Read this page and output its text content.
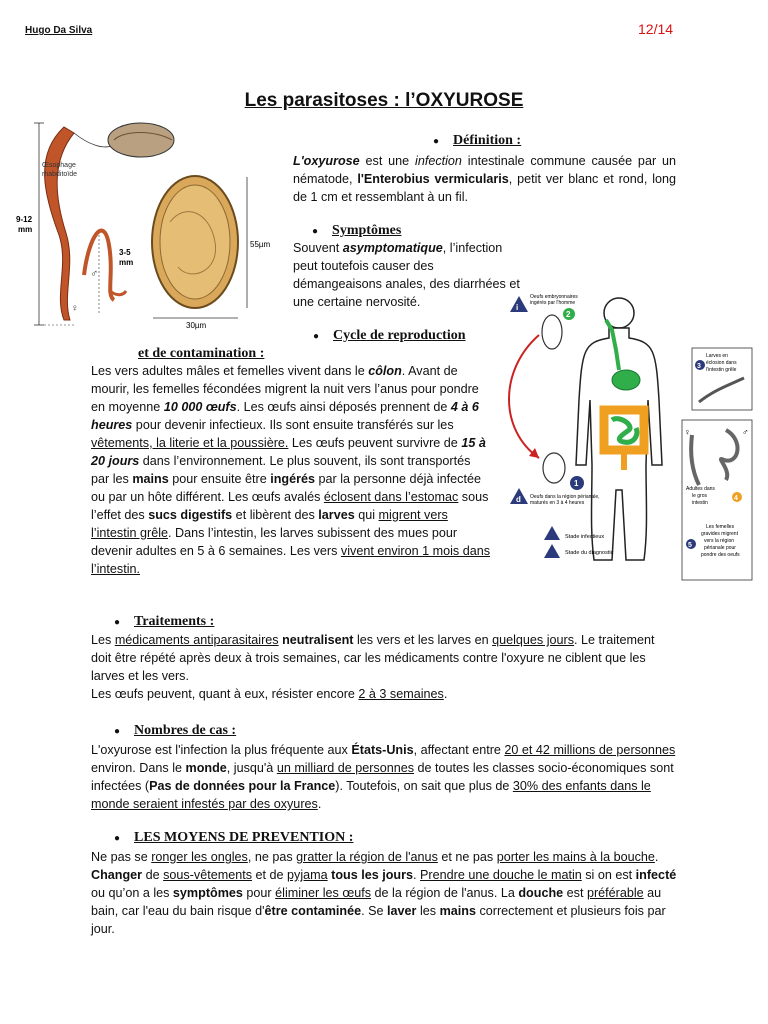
Hugo Da Silva	12/14
Les parasitoses : l’OXYUROSE
Œsophage
rhabditoïde
9-12
mm
3-5
mm
♂
♀
55µm
30µm
● Définition :
L'oxyurose est une infection intestinale commune causée par un nématode, l'Enterobius vermicularis, petit ver blanc et rond, long de 1 cm et ressemblant à un fil.
● Symptômes
Souvent asymptomatique, l’infection peut toutefois causer des démangeaisons anales, des diarrhées et une certaine nervosité.
● Cycle de reproduction
et de contamination :
Les vers adultes mâles et femelles vivent dans le côlon. Avant de mourir, les femelles fécondées migrent la nuit vers l’anus pour pondre en moyenne 10 000 œufs. Les œufs ainsi déposés prennent de 4 à 6 heures pour devenir infectieux. Ils sont ensuite transférés sur les vêtements, la literie et la poussière. Les œufs peuvent survivre de 15 à 20 jours dans l’environnement. Le plus souvent, ils sont transportés par les mains pour ensuite être ingérés par la personne déjà infectée ou par un hôte différent. Les œufs avalés éclosent dans l’estomac sous l’effet des sucs digestifs et libèrent des larves qui migrent vers l’intestin grêle. Dans l’intestin, les larves subissent des mues pour devenir adultes en 5 à 6 semaines. Les vers vivent environ 1 mois dans l’intestin.
i
2
d
1
Oeufs embryonnaires
ingérés par l'homme
Oeufs dans la région périanale,
maturés en 3 à 4 heures
3
Larves en
éclosion dans
l'intestin grêle
♀	♂
Adultes dans
le gros
intestin
4
Les femelles
gravides migrent
vers la région
périanale pour
pondre des oeufs
5
Stade infectieux
Stade du diagnostic
● Traitements :
Les médicaments antiparasitaires neutralisent les vers et les larves en quelques jours. Le traitement doit être répété après deux à trois semaines, car les médicaments contre l'oxyure ne ciblent que les larves et les vers.
Les œufs peuvent, quant à eux, résister encore 2 à 3 semaines.
● Nombres de cas :
L'oxyurose est l'infection la plus fréquente aux États-Unis, affectant entre 20 et 42 millions de personnes environ. Dans le monde, jusqu'à un milliard de personnes de toutes les classes socio-économiques sont infectées (Pas de données pour la France). Toutefois, on sait que plus de 30% des enfants dans le monde seraient infestés par des oxyures.
● LES MOYENS DE PREVENTION :
Ne pas se ronger les ongles, ne pas gratter la région de l'anus et ne pas porter les mains à la bouche. Changer de sous-vêtements et de pyjama tous les jours. Prendre une douche le matin si on est infecté ou qu’on a les symptômes pour éliminer les œufs de la région de l'anus. La douche est préférable au bain, car l'eau du bain risque d'être contaminée. Se laver les mains correctement et plusieurs fois par jour.
